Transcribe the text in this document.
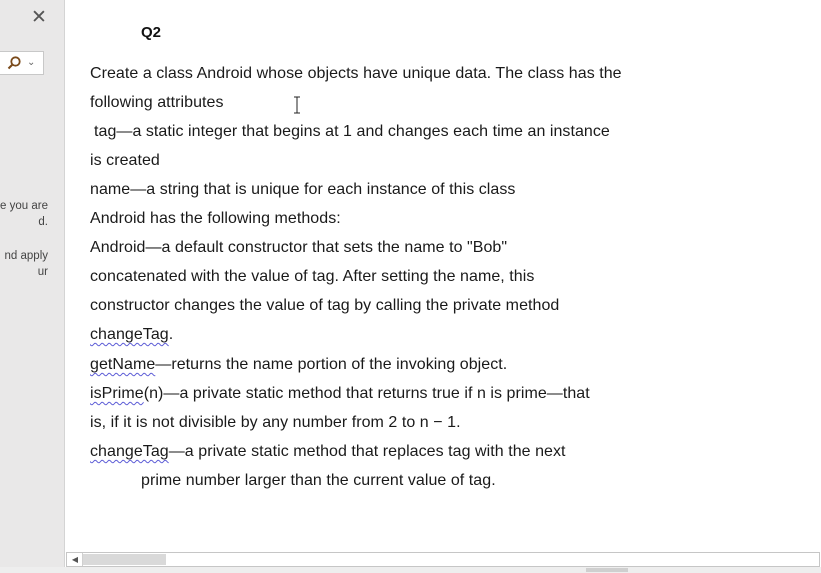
✕
⌄
e you are
d.
nd apply
ur
Q2
Create a class Android whose objects have unique data. The class has the
following attributes
tag—a static integer that begins at 1 and changes each time an instance
is created
name—a string that is unique for each instance of this class
Android has the following methods:
Android—a default constructor that sets the name to "Bob"
concatenated with the value of tag. After setting the name, this
constructor changes the value of tag by calling the private method
changeTag.
getName—returns the name portion of the invoking object.
isPrime(n)—a private static method that returns true if n is prime—that
is, if it is not divisible by any number from 2 to n − 1.
changeTag—a private static method that replaces tag with the next
prime number larger than the current value of tag.
◀
